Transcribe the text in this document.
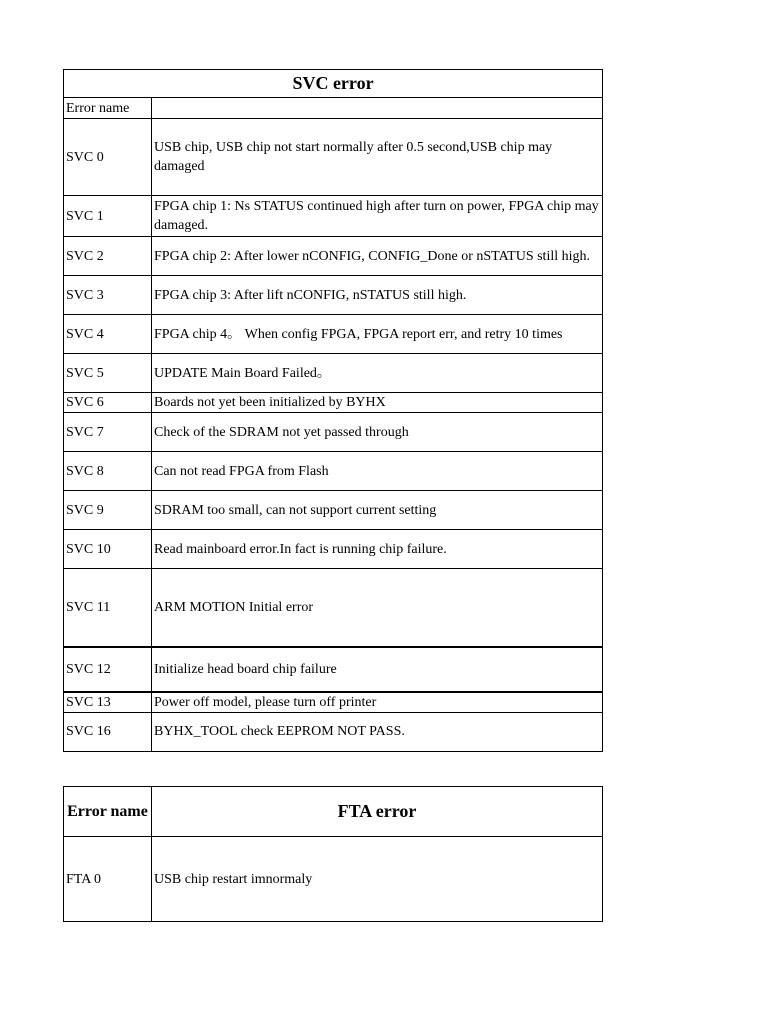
SVC error	
Error name	
SVC 0	USB chip, USB chip not start normally after 0.5 second,USB chip may damaged
SVC 1	FPGA chip 1: Ns STATUS continued high after turn on power, FPGA chip may damaged.
SVC 2	FPGA chip 2: After lower nCONFIG, CONFIG_Done or nSTATUS still high.
SVC 3	FPGA chip 3: After lift nCONFIG, nSTATUS still high.
SVC 4	FPGA chip 4。 When config FPGA, FPGA report err, and retry 10 times
SVC 5	UPDATE Main Board Failed。
SVC 6	Boards not yet been initialized by BYHX
SVC 7	Check of the SDRAM not yet passed through
SVC 8	Can not read FPGA from Flash
SVC 9	SDRAM too small, can not support current setting
SVC 10	Read mainboard error.In fact is running chip failure.
SVC 11	ARM MOTION Initial error
SVC 12	Initialize head board chip failure
SVC 13	Power off model, please turn off printer
SVC 16	BYHX_TOOL check EEPROM NOT PASS.
Error name	FTA error
FTA 0	USB chip restart imnormaly
